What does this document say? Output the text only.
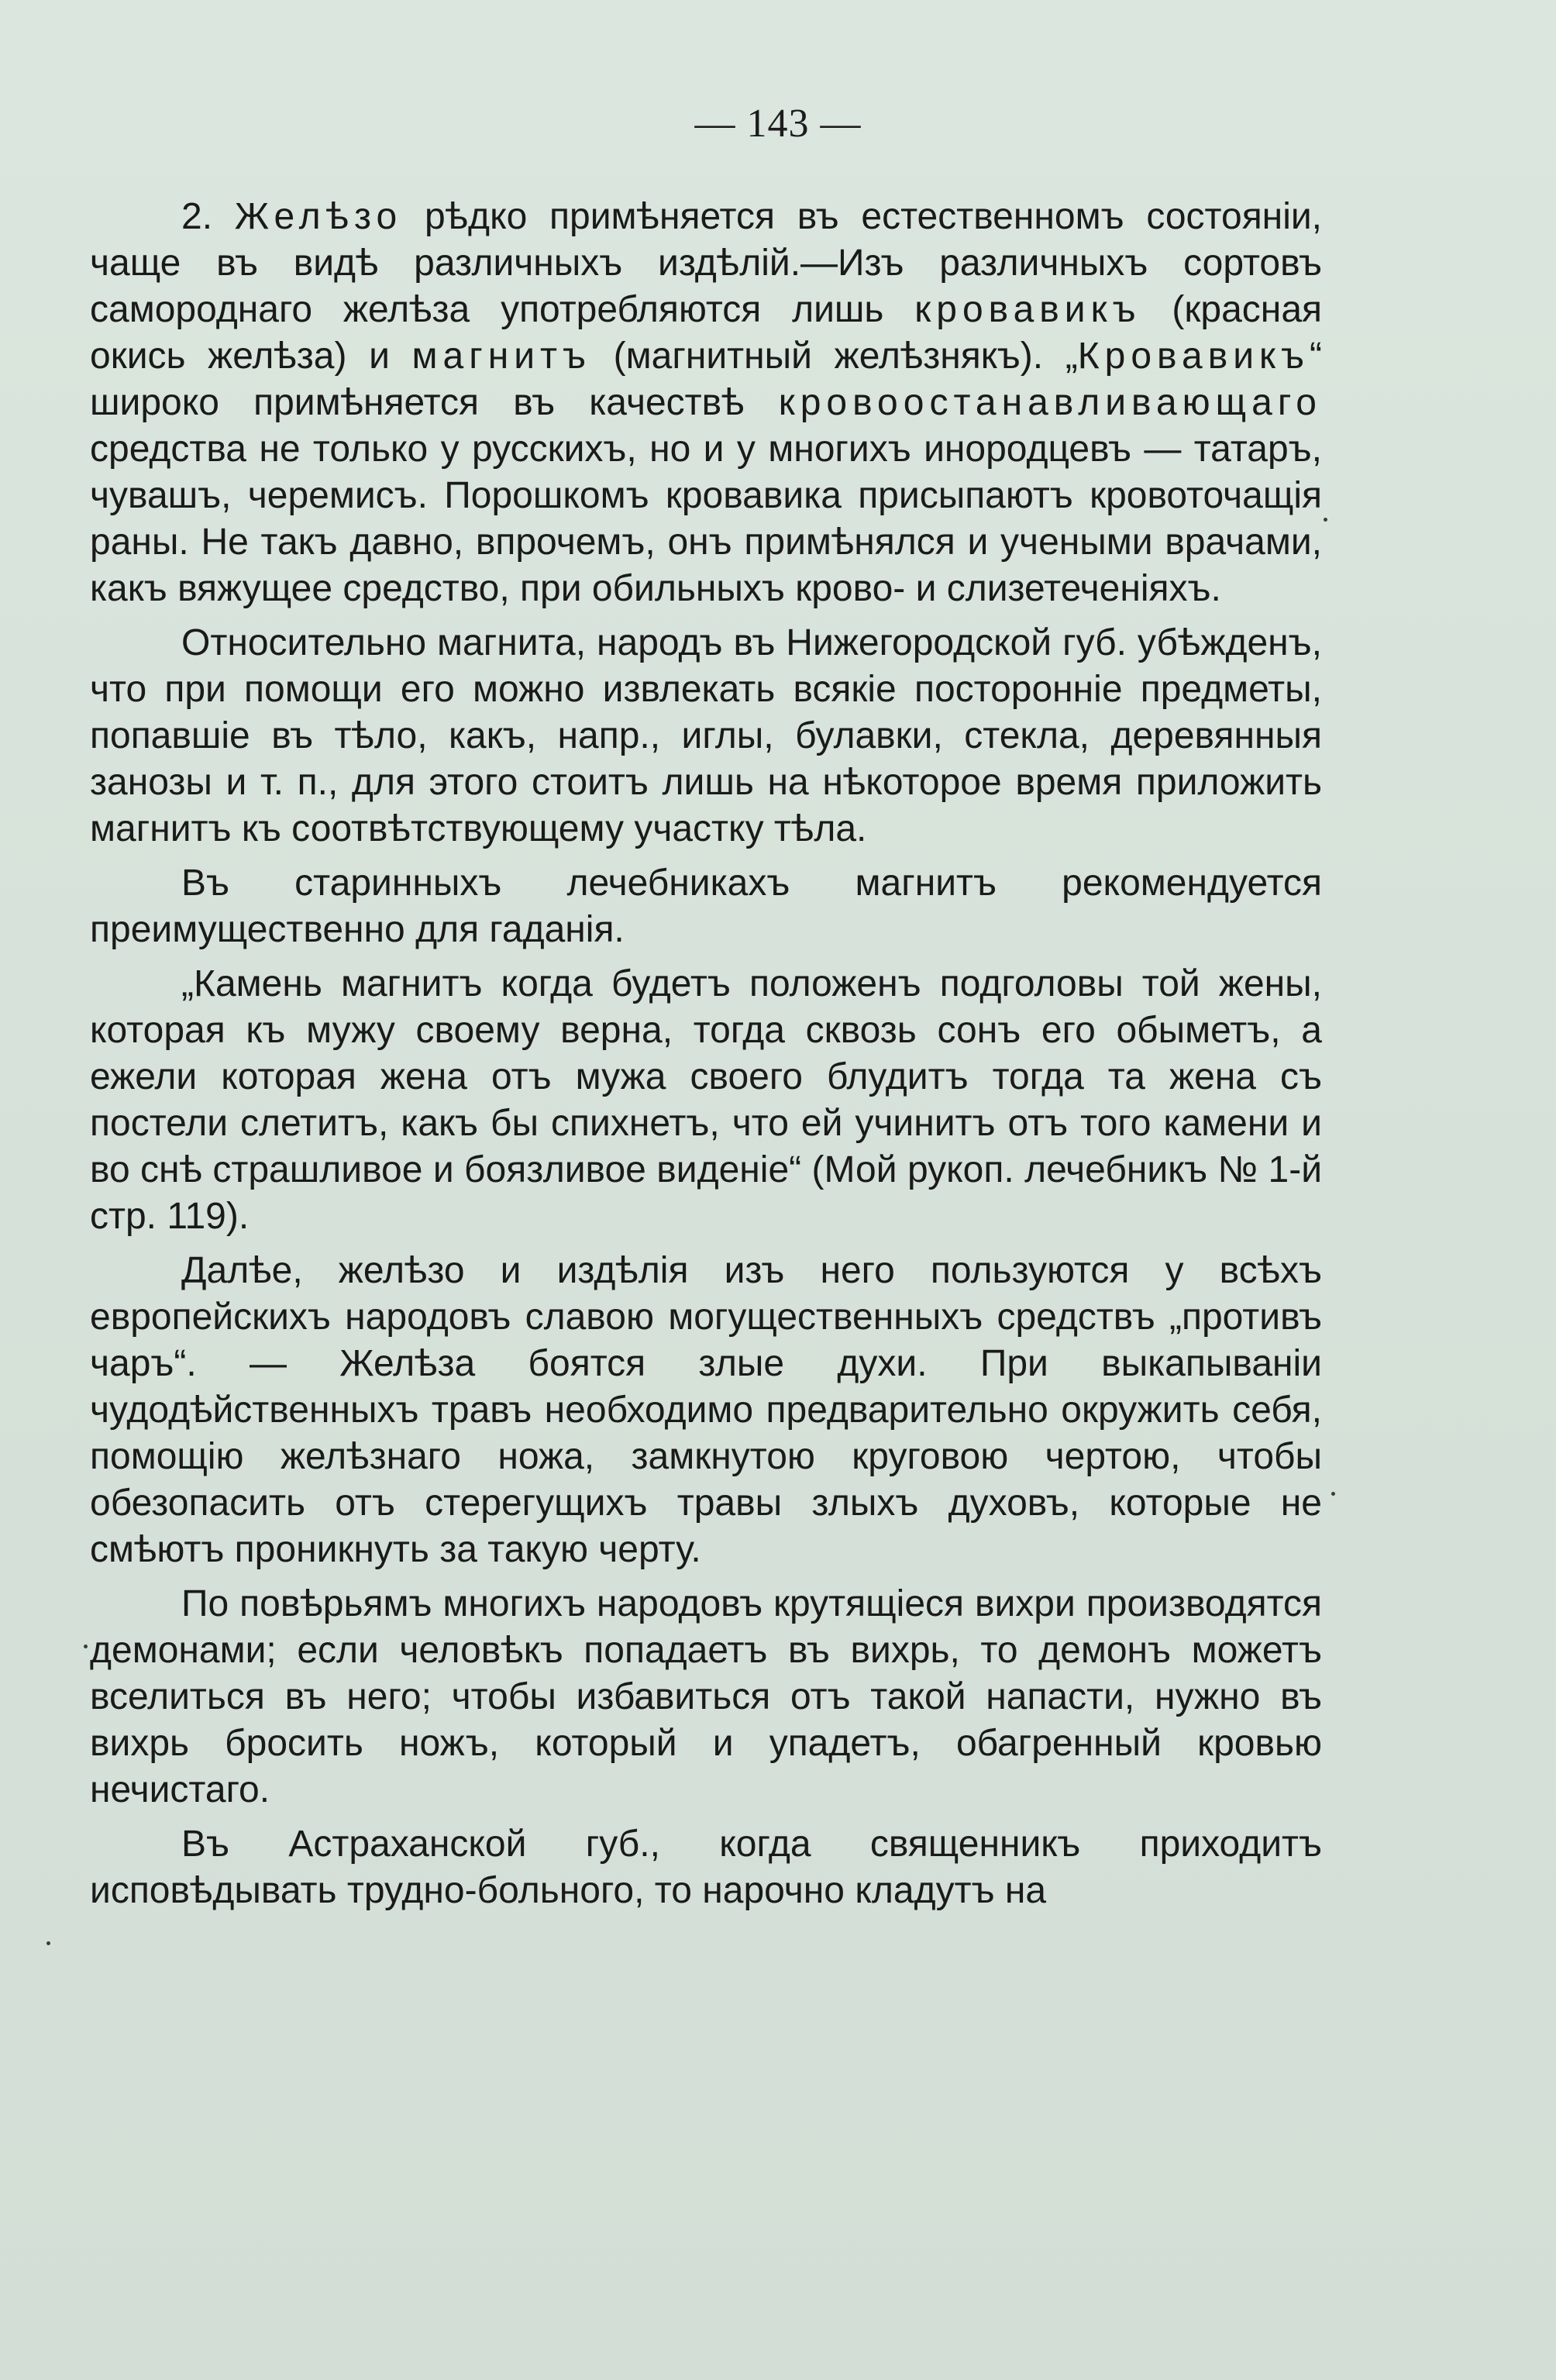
— 143 —

2. Желѣзо рѣдко примѣняется въ естественномъ состояніи, чаще въ видѣ различныхъ издѣлій.—Изъ различныхъ сортовъ самороднаго желѣза употребляются лишь кровавикъ (красная окись желѣза) и магнитъ (магнитный желѣзнякъ). „Кровавикъ“ широко примѣняется въ качествѣ кровоостанавливающаго средства не только у русскихъ, но и у многихъ инородцевъ — татаръ, чувашъ, черемисъ. Порошкомъ кровавика присыпаютъ кровоточащія раны. Не такъ давно, впрочемъ, онъ примѣнялся и учеными врачами, какъ вяжущее средство, при обильныхъ крово- и слизетеченіяхъ.

Относительно магнита, народъ въ Нижегородской губ. убѣжденъ, что при помощи его можно извлекать всякіе посторонніе предметы, попавшіе въ тѣло, какъ, напр., иглы, булавки, стекла, деревянныя занозы и т. п., для этого стоитъ лишь на нѣкоторое время приложить магнитъ къ соотвѣтствующему участку тѣла.

Въ старинныхъ лечебникахъ магнитъ рекомендуется преимущественно для гаданія.

„Камень магнитъ когда будетъ положенъ подголовы той жены, которая къ мужу своему верна, тогда сквозь сонъ его обыметъ, а ежели которая жена отъ мужа своего блудитъ тогда та жена съ постели слетитъ, какъ бы спихнетъ, что ей учинитъ отъ того камени и во снѣ страшливое и боязливое виденіе“ (Мой рукоп. лечебникъ № 1-й стр. 119).

Далѣе, желѣзо и издѣлія изъ него пользуются у всѣхъ европейскихъ народовъ славою могущественныхъ средствъ „противъ чаръ“. — Желѣза боятся злые духи. При выкапываніи чудодѣйственныхъ травъ необходимо предварительно окружить себя, помощію желѣзнаго ножа, замкнутою круговою чертою, чтобы обезопасить отъ стерегущихъ травы злыхъ духовъ, которые не смѣютъ проникнуть за такую черту.

По повѣрьямъ многихъ народовъ крутящіеся вихри производятся демонами; если человѣкъ попадаетъ въ вихрь, то демонъ можетъ вселиться въ него; чтобы избавиться отъ такой напасти, нужно въ вихрь бросить ножъ, который и упадетъ, обагренный кровью нечистаго.

Въ Астраханской губ., когда священникъ приходитъ исповѣдывать трудно-больного, то нарочно кладутъ на
